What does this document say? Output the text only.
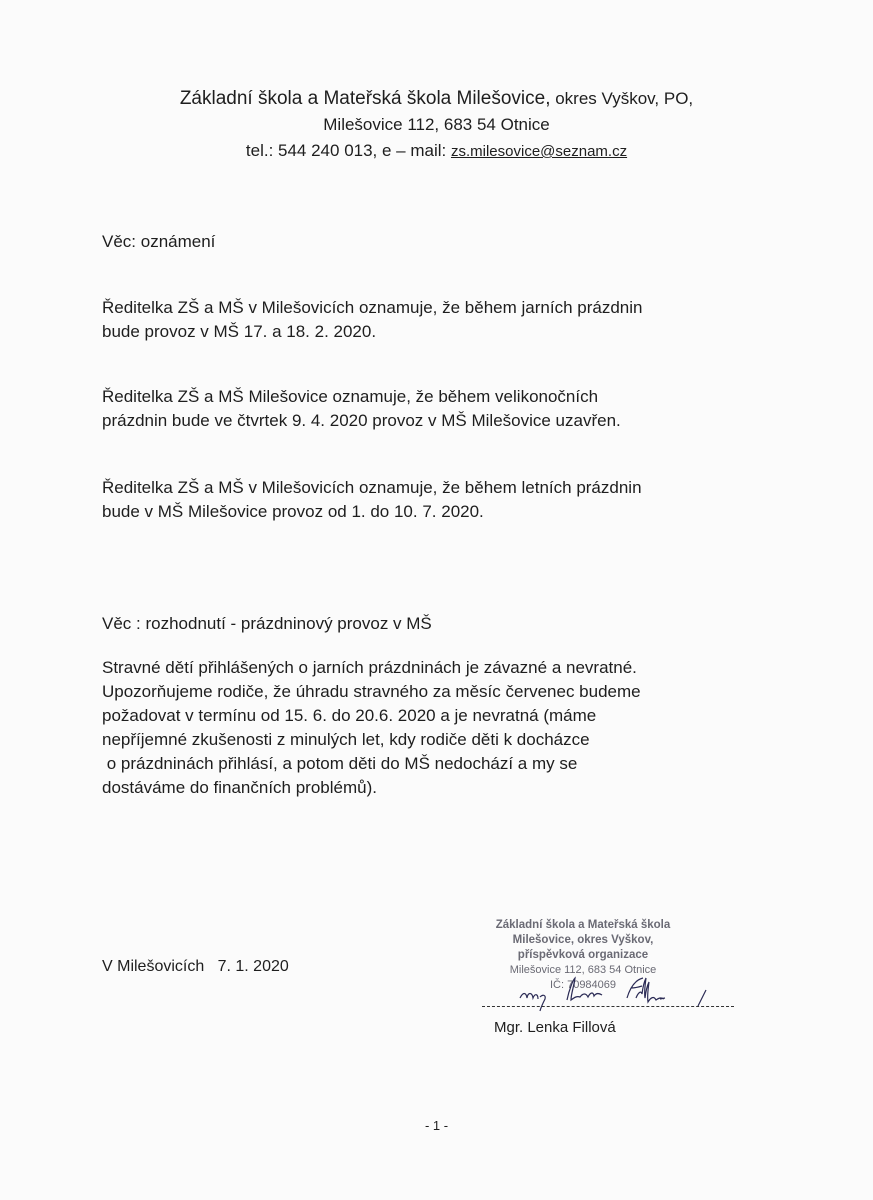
Základní škola a Mateřská škola Milešovice, okres Vyškov, PO,
Milešovice 112, 683 54 Otnice
tel.: 544 240 013, e – mail: zs.milesovice@seznam.cz
Věc: oznámení
Ředitelka ZŠ a MŠ v Milešovicích oznamuje, že během jarních prázdnin
bude provoz v MŠ 17. a 18. 2. 2020.
Ředitelka ZŠ a MŠ Milešovice oznamuje, že během velikonočních
prázdnin bude ve čtvrtek 9. 4. 2020 provoz v MŠ Milešovice uzavřen.
Ředitelka ZŠ a MŠ v Milešovicích oznamuje, že během letních prázdnin
bude v MŠ Milešovice provoz od 1. do 10. 7. 2020.
Věc : rozhodnutí - prázdninový provoz v MŠ
Stravné dětí přihlášených o jarních prázdninách je závazné a nevratné.
Upozorňujeme rodiče, že úhradu stravného za měsíc červenec budeme
požadovat v termínu od 15. 6. do 20.6. 2020 a je nevratná (máme
nepříjemné zkušenosti z minulých let, kdy rodiče děti k docházce
o prázdninách přihlásí, a potom děti do MŠ nedochází a my se
dostáváme do finančních problémů).
V Milešovicích   7. 1. 2020
Základní škola a Mateřská škola
Milešovice, okres Vyškov,
příspěvková organizace
Milešovice 112, 683 54 Otnice
IČ: 70984069
Mgr. Lenka Fillová
- 1 -
